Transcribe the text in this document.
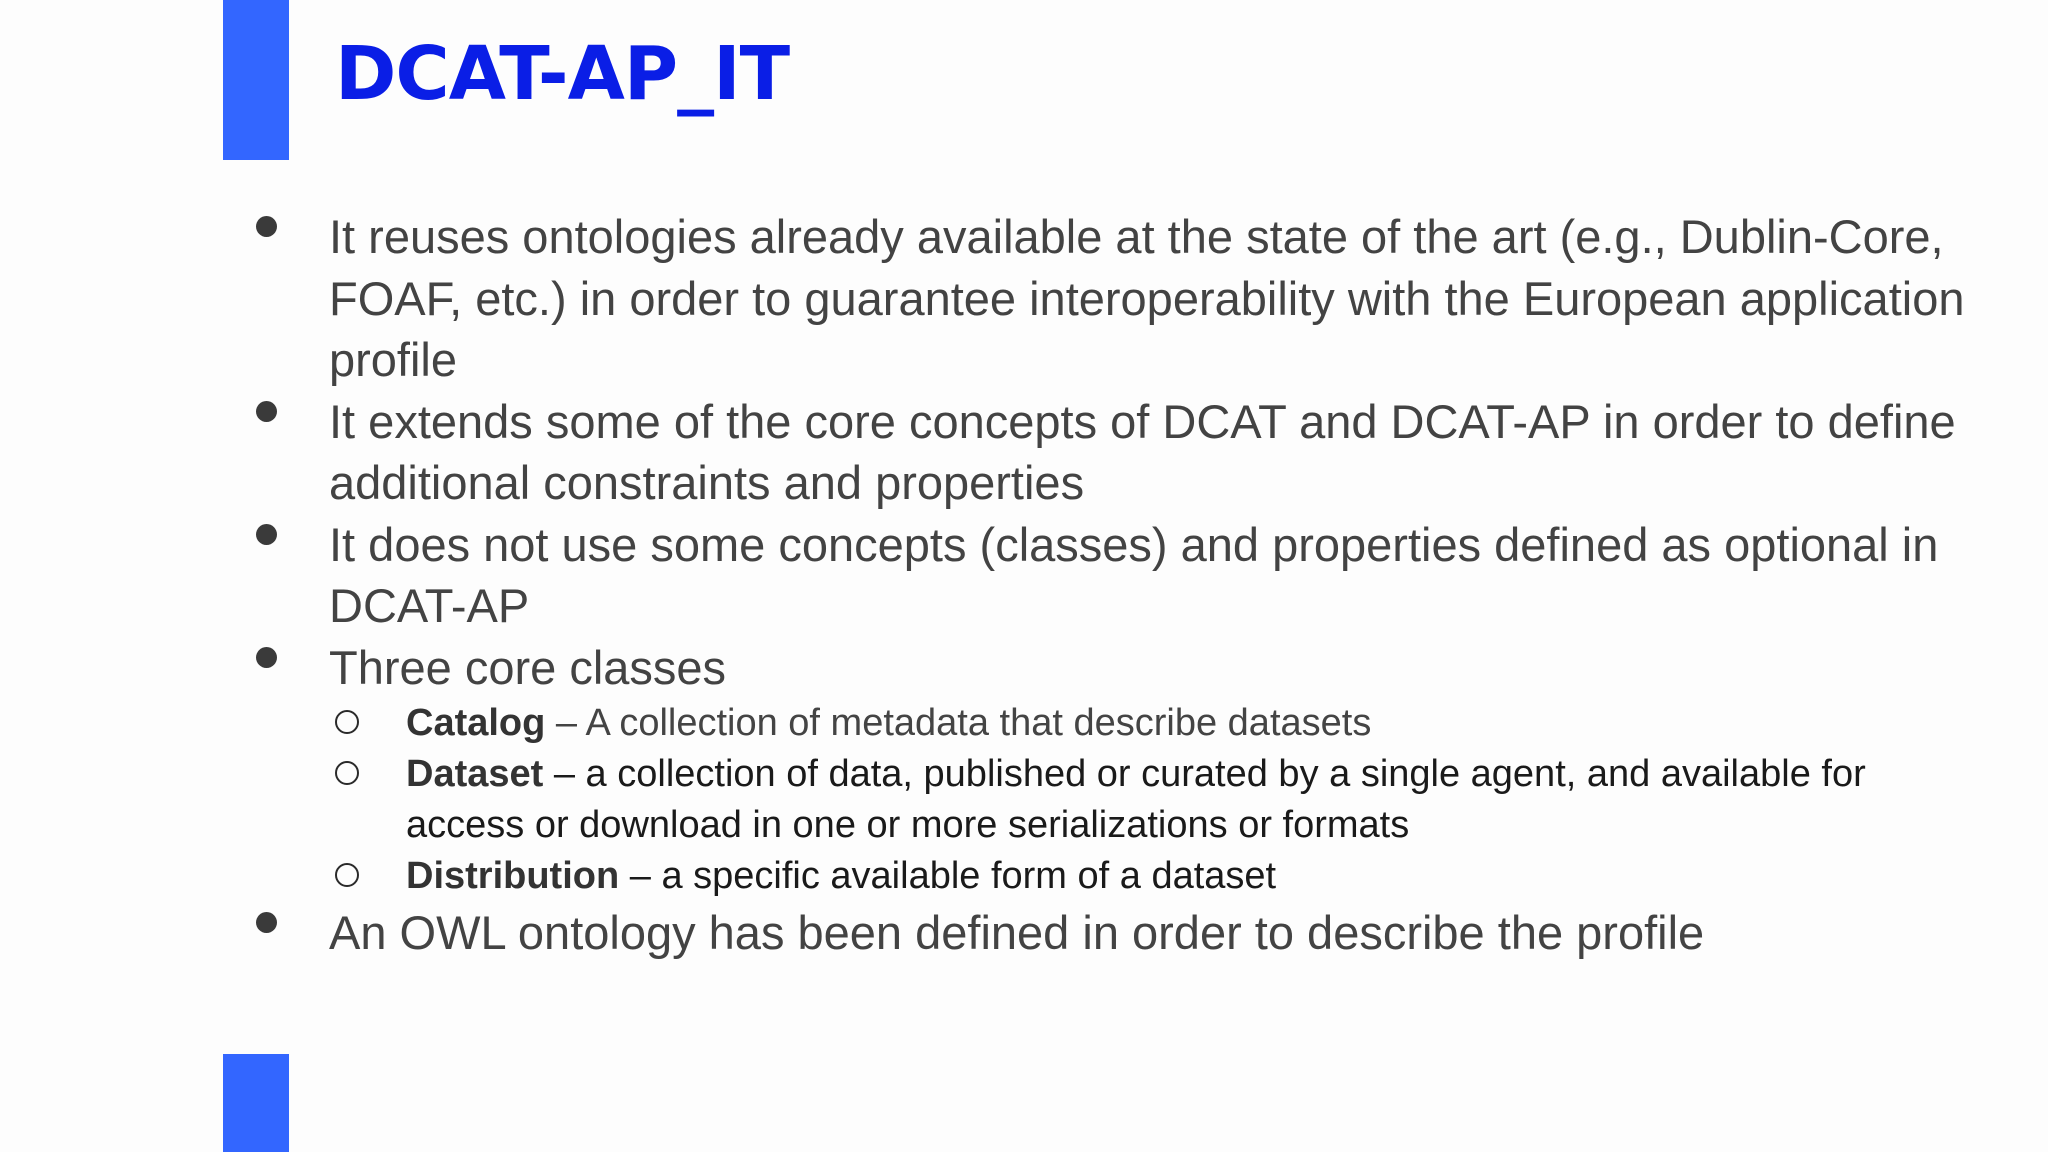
DCAT-AP_IT
It reuses ontologies already available at the state of the art (e.g., Dublin-Core, FOAF, etc.) in order to guarantee interoperability with the European application profile
It extends some of the core concepts of DCAT and DCAT-AP in order to define additional constraints and properties
It does not use some concepts (classes) and properties defined as optional in DCAT-AP
Three core classes
Catalog – A collection of metadata that describe datasets
Dataset – a collection of data, published or curated by a single agent, and available for access or download in one or more serializations or formats
Distribution – a specific available form of a dataset
An OWL ontology has been defined in order to describe the profile
